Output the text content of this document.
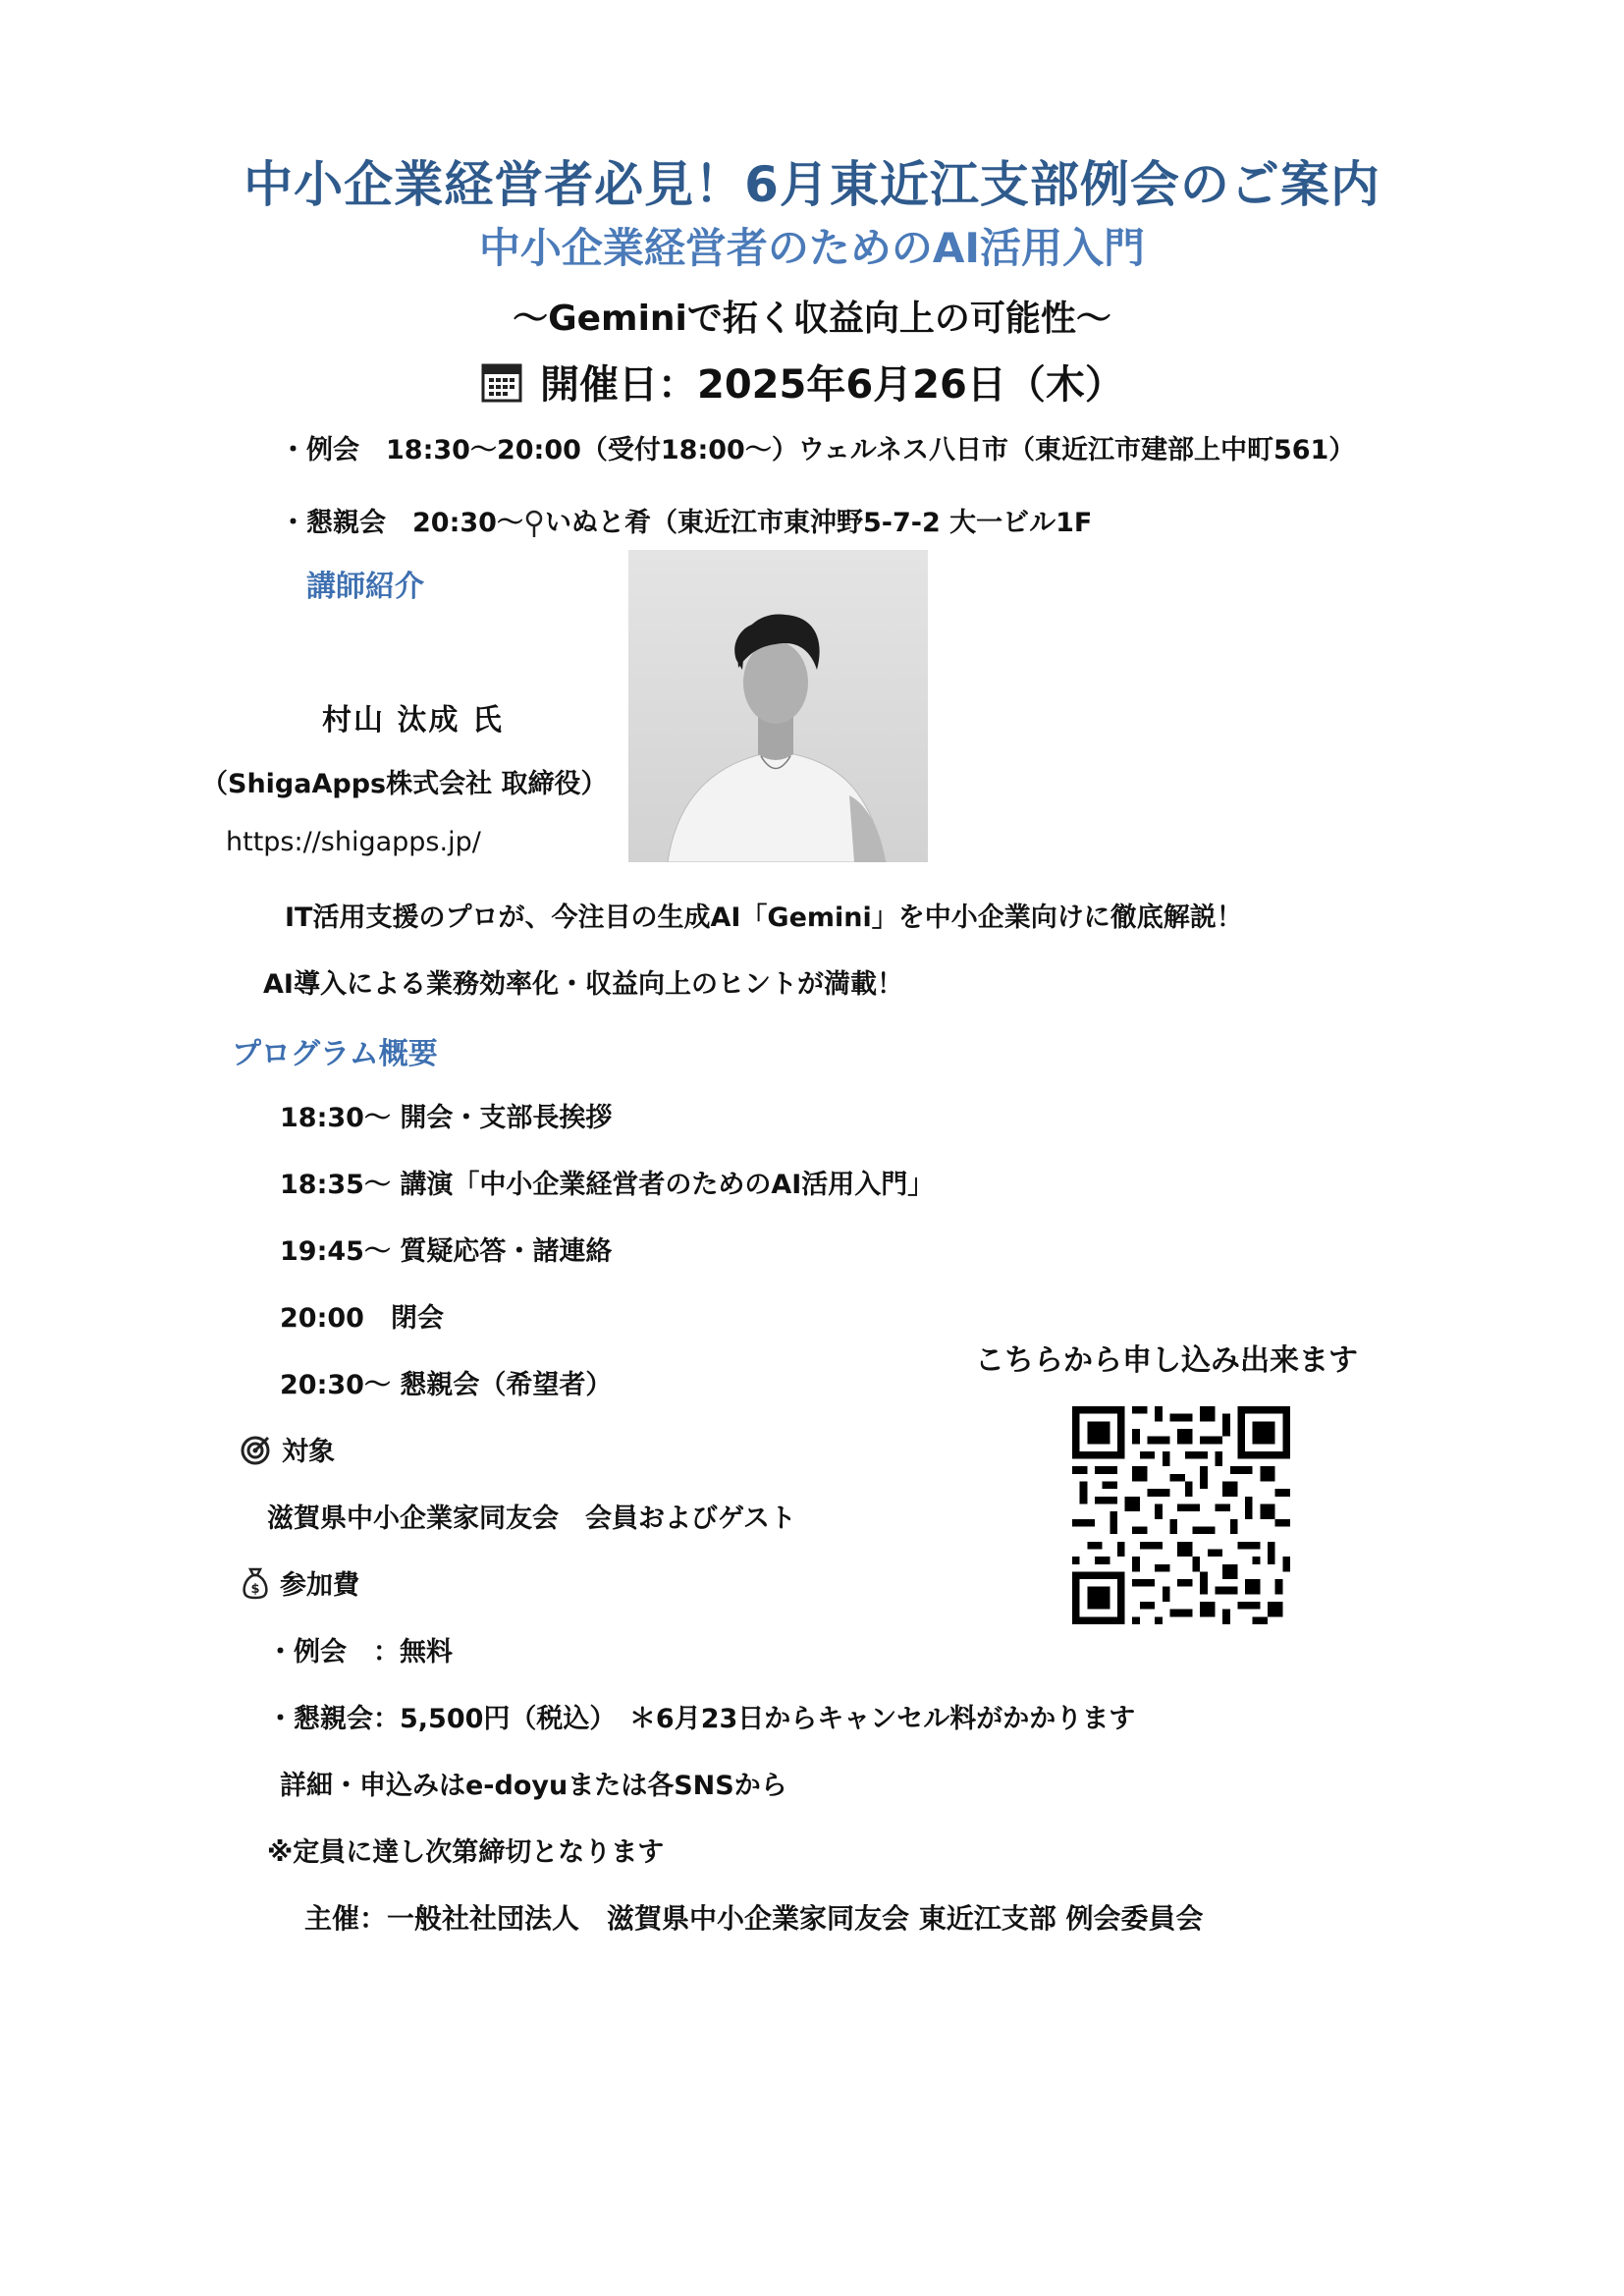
中小企業経営者必見！6月東近江支部例会のご案内
中小企業経営者のためのAI活用入門
～Geminiで拓く収益向上の可能性～
開催日：2025年6月26日（木）
・例会　18:30～20:00（受付18:00～）ウェルネス八日市（東近江市建部上中町561）
・懇親会　20:30～ いぬと肴（東近江市東沖野5-7-2 大一ビル1F
講師紹介
村山 汰成 氏
（ShigaApps株式会社 取締役）
https://shigapps.jp/
IT活用支援のプロが、今注目の生成AI「Gemini」を中小企業向けに徹底解説！
AI導入による業務効率化・収益向上のヒントが満載！
プログラム概要
18:30～ 開会・支部長挨拶
18:35～ 講演「中小企業経営者のためのAI活用入門」
19:45～ 質疑応答・諸連絡
20:00　閉会
20:30～ 懇親会（希望者）
対象
滋賀県中小企業家同友会　会員およびゲスト
$ 参加費
・例会　：無料
・懇親会：5,500円（税込）　＊6月23日からキャンセル料がかかります
詳細・申込みはe-doyuまたは各SNSから
※定員に達し次第締切となります
主催：一般社社団法人　滋賀県中小企業家同友会 東近江支部 例会委員会
こちらから申し込み出来ます
